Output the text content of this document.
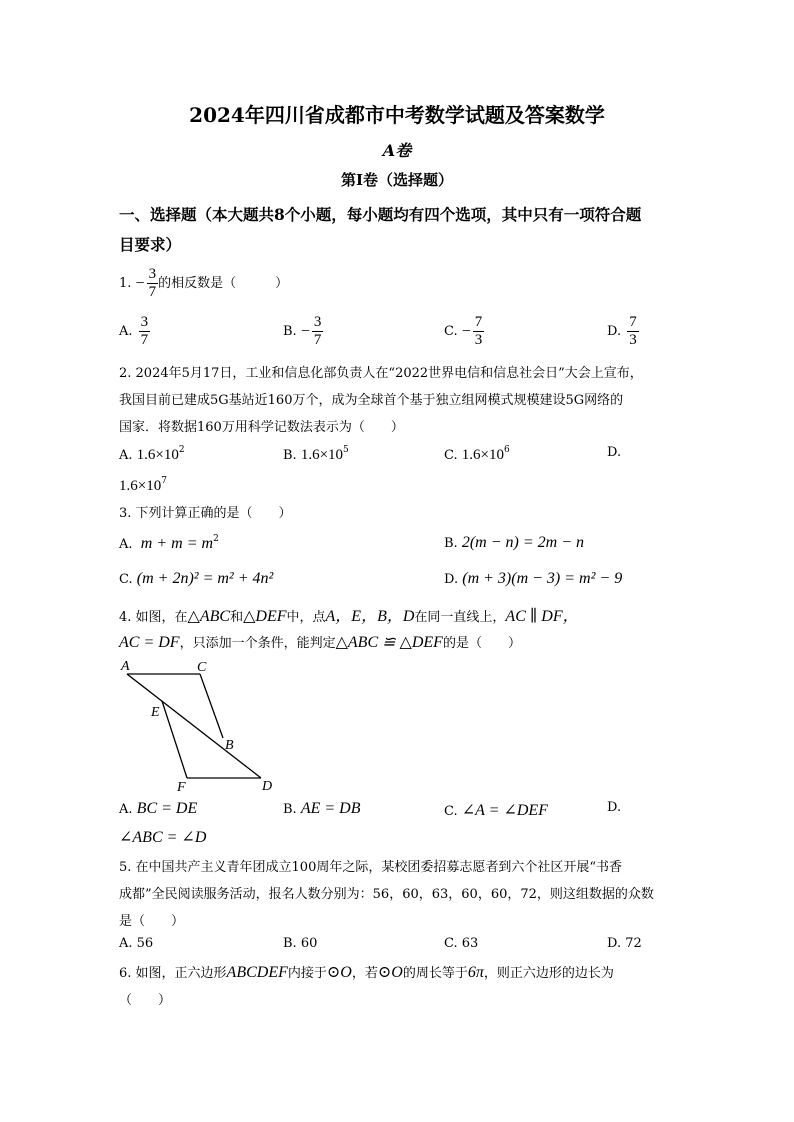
2024年四川省成都市中考数学试题及答案数学
A卷
第Ⅰ卷（选择题）
一、选择题（本大题共8个小题，每小题均有四个选项，其中只有一项符合题
目要求）
1. − $\frac{3}{7}$ 的相反数是（　　　）
A. $\frac{3}{7}$	B. − $\frac{3}{7}$	C. − $\frac{7}{3}$	D. $\frac{7}{3}$
2. 2024年5月17日，工业和信息化部负责人在“2022世界电信和信息社会日”大会上宣布，
我国目前已建成5G基站近160万个，成为全球首个基于独立组网模式规模建设5G网络的
国家．将数据160万用科学记数法表示为（　　）
A. $1.6\times 10^2$	B. $1.6\times 10^5$	C. $1.6\times 10^6$	D.
$1.6\times 10^7$
3. 下列计算正确的是（　　）
A. $m + m = m^2$	B. 2(m − n) = 2m − n
C. (m + 2n)² = m² + 4n²	D. (m + 3)(m − 3) = m² − 9
4. 如图，在△ABC和△DEF中，点A，E，B，D在同一直线上，AC ∥ DF，
AC = DF，只添加一个条件，能判定△ABC ≌ △DEF的是（　　）
A	C
E
B
F	D
A. BC = DE	B. AE = DB	C. ∠A = ∠DEF	D.
∠ABC = ∠D
5. 在中国共产主义青年团成立100周年之际，某校团委招募志愿者到六个社区开展“书香
成都”全民阅读服务活动，报名人数分别为：56，60，63，60，60，72，则这组数据的众数
是（　　）
A. 56	B. 60	C. 63	D. 72
6. 如图，正六边形ABCDEF内接于⊙O，若⊙O的周长等于6π，则正六边形的边长为
（　　）
